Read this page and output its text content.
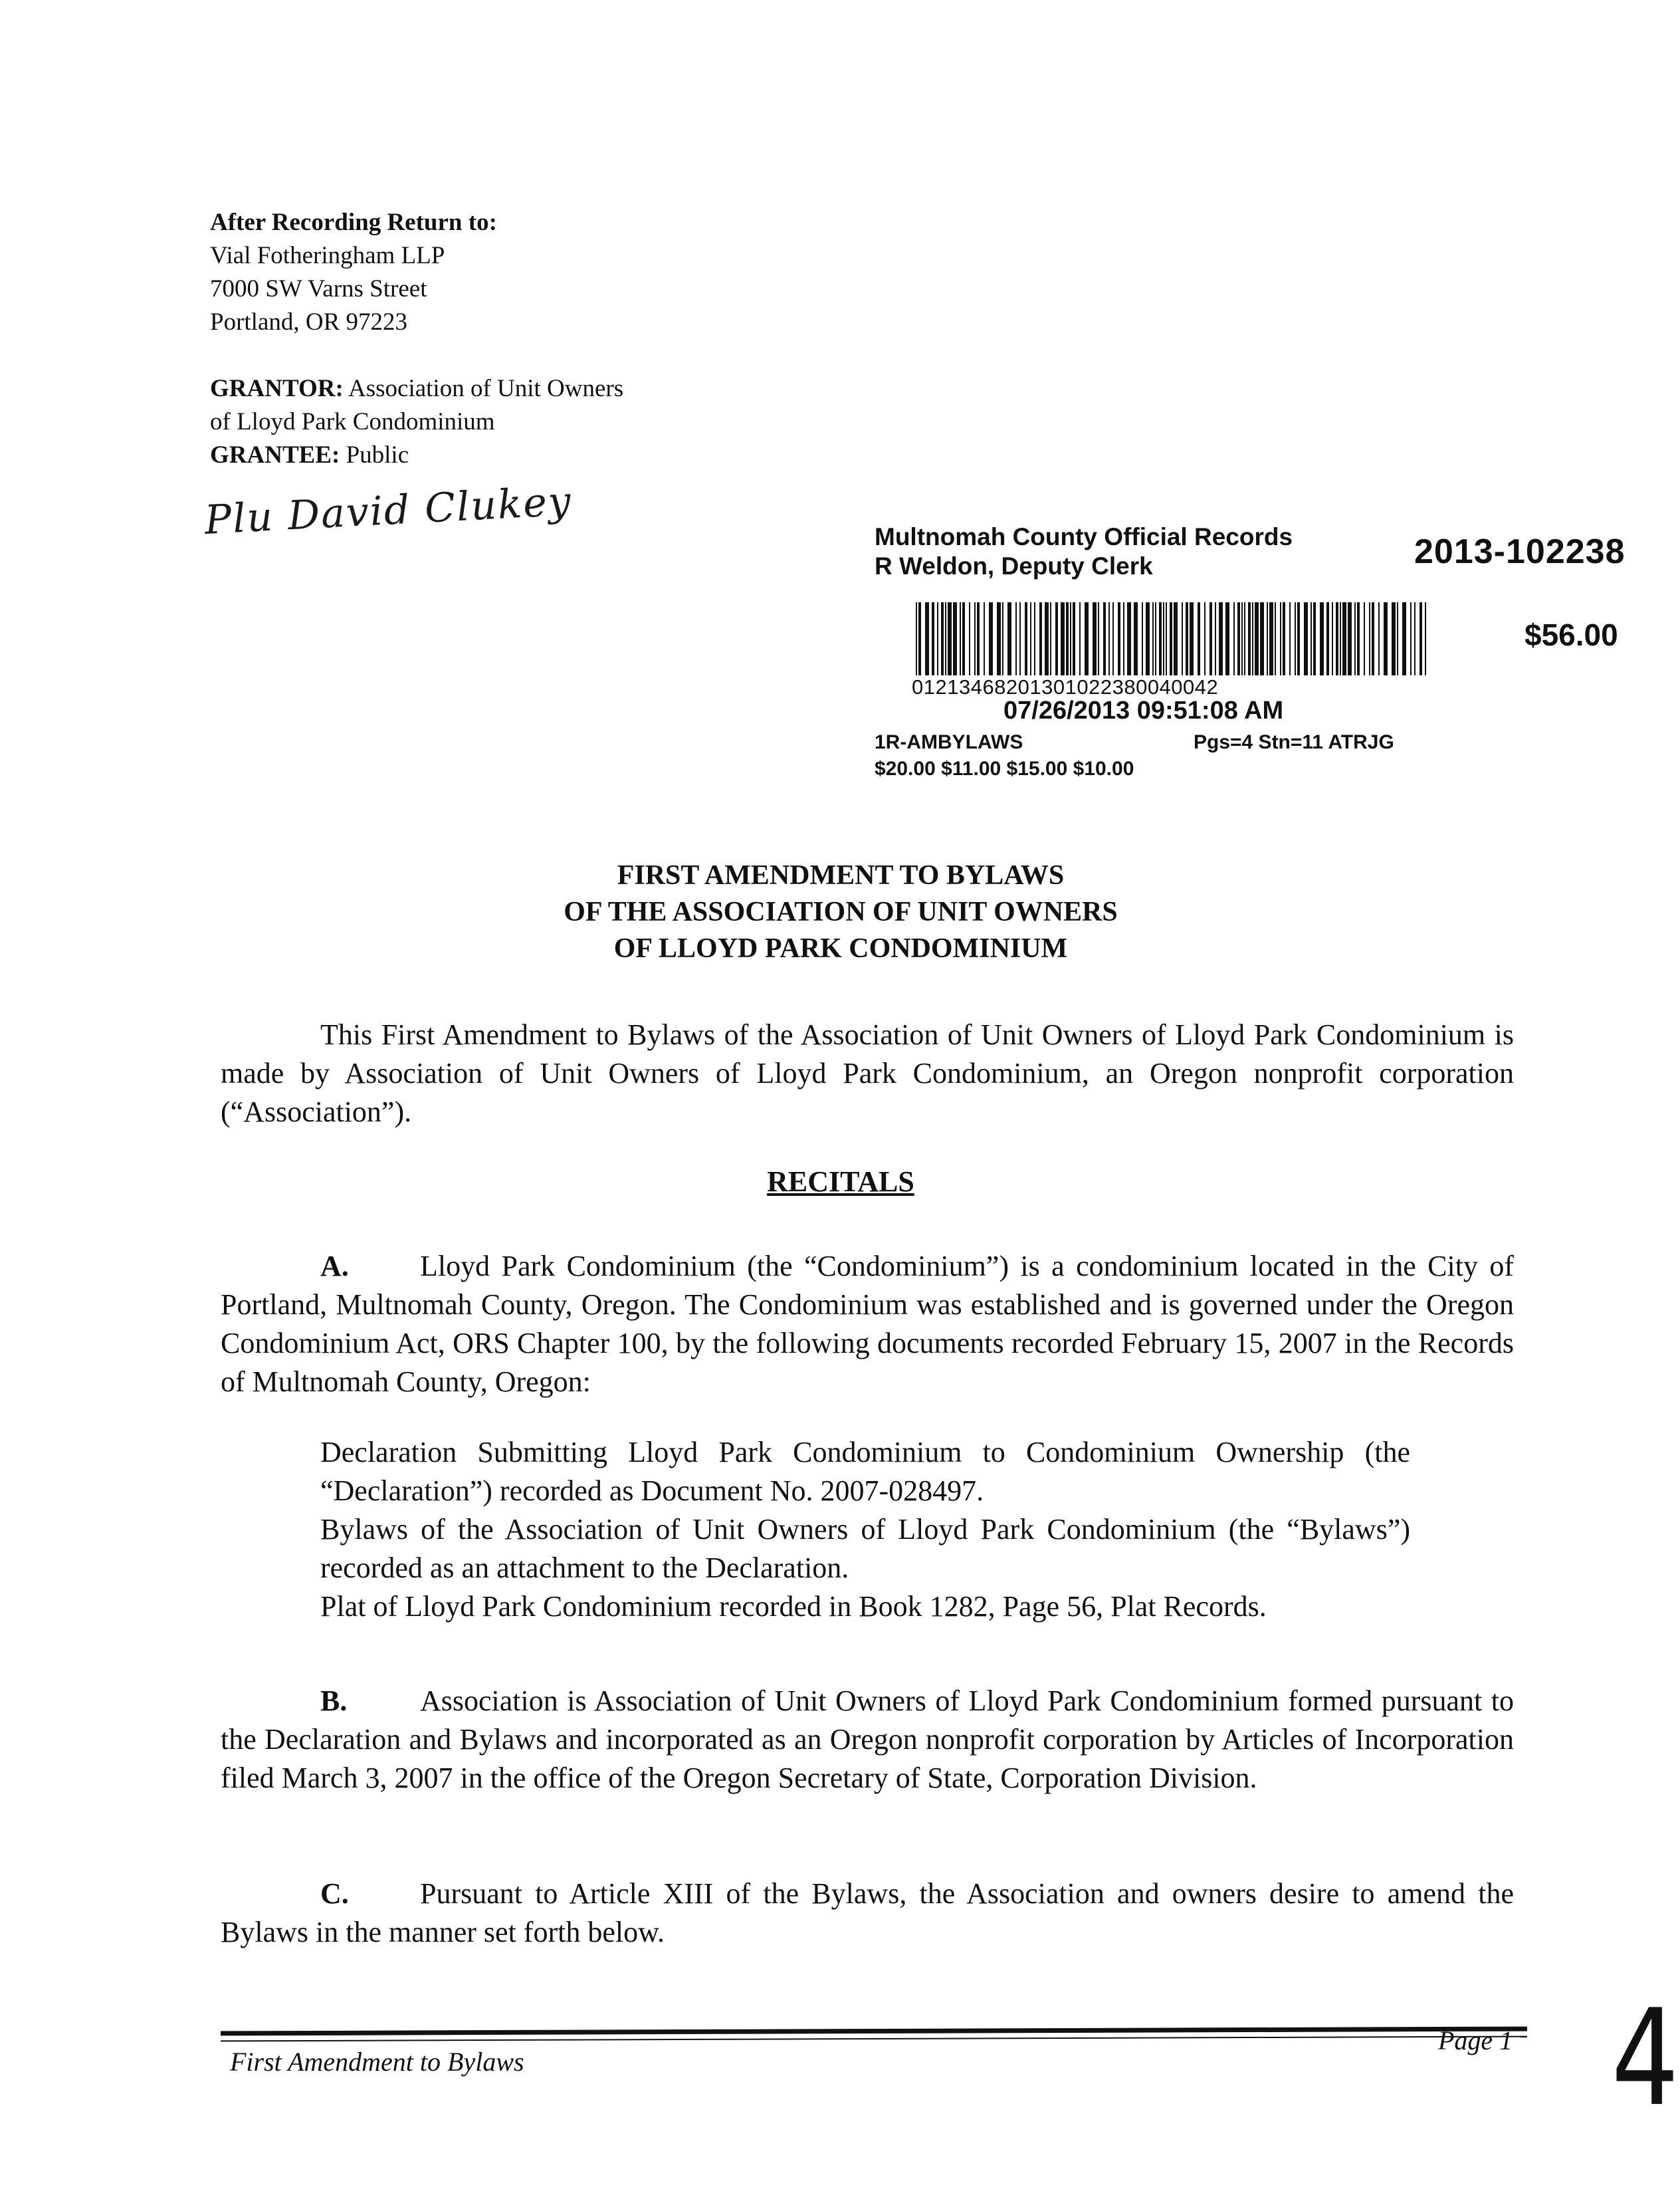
After Recording Return to:
Vial Fotheringham LLP
7000 SW Varns Street
Portland, OR 97223
GRANTOR: Association of Unit Owners
of Lloyd Park Condominium
GRANTEE: Public
Plu David Clukey	Multnomah County Official Records
R Weldon, Deputy Clerk	2013-102238
$56.00
01213468201301022380040042
07/26/2013 09:51:08 AM
1R-AMBYLAWS	Pgs=4 Stn=11 ATRJG
$20.00 $11.00 $15.00 $10.00
FIRST AMENDMENT TO BYLAWS
OF THE ASSOCIATION OF UNIT OWNERS
OF LLOYD PARK CONDOMINIUM
This First Amendment to Bylaws of the Association of Unit Owners of Lloyd Park Condominium is made by Association of Unit Owners of Lloyd Park Condominium, an Oregon nonprofit corporation (“Association”).
RECITALS
A. Lloyd Park Condominium (the “Condominium”) is a condominium located in the City of Portland, Multnomah County, Oregon. The Condominium was established and is governed under the Oregon Condominium Act, ORS Chapter 100, by the following documents recorded February 15, 2007 in the Records of Multnomah County, Oregon:
Declaration Submitting Lloyd Park Condominium to Condominium Ownership (the “Declaration”) recorded as Document No. 2007-028497.
Bylaws of the Association of Unit Owners of Lloyd Park Condominium (the “Bylaws”) recorded as an attachment to the Declaration.
Plat of Lloyd Park Condominium recorded in Book 1282, Page 56, Plat Records.
B. Association is Association of Unit Owners of Lloyd Park Condominium formed pursuant to the Declaration and Bylaws and incorporated as an Oregon nonprofit corporation by Articles of Incorporation filed March 3, 2007 in the office of the Oregon Secretary of State, Corporation Division.
C. Pursuant to Article XIII of the Bylaws, the Association and owners desire to amend the Bylaws in the manner set forth below.
First Amendment to Bylaws
Page 1 4
